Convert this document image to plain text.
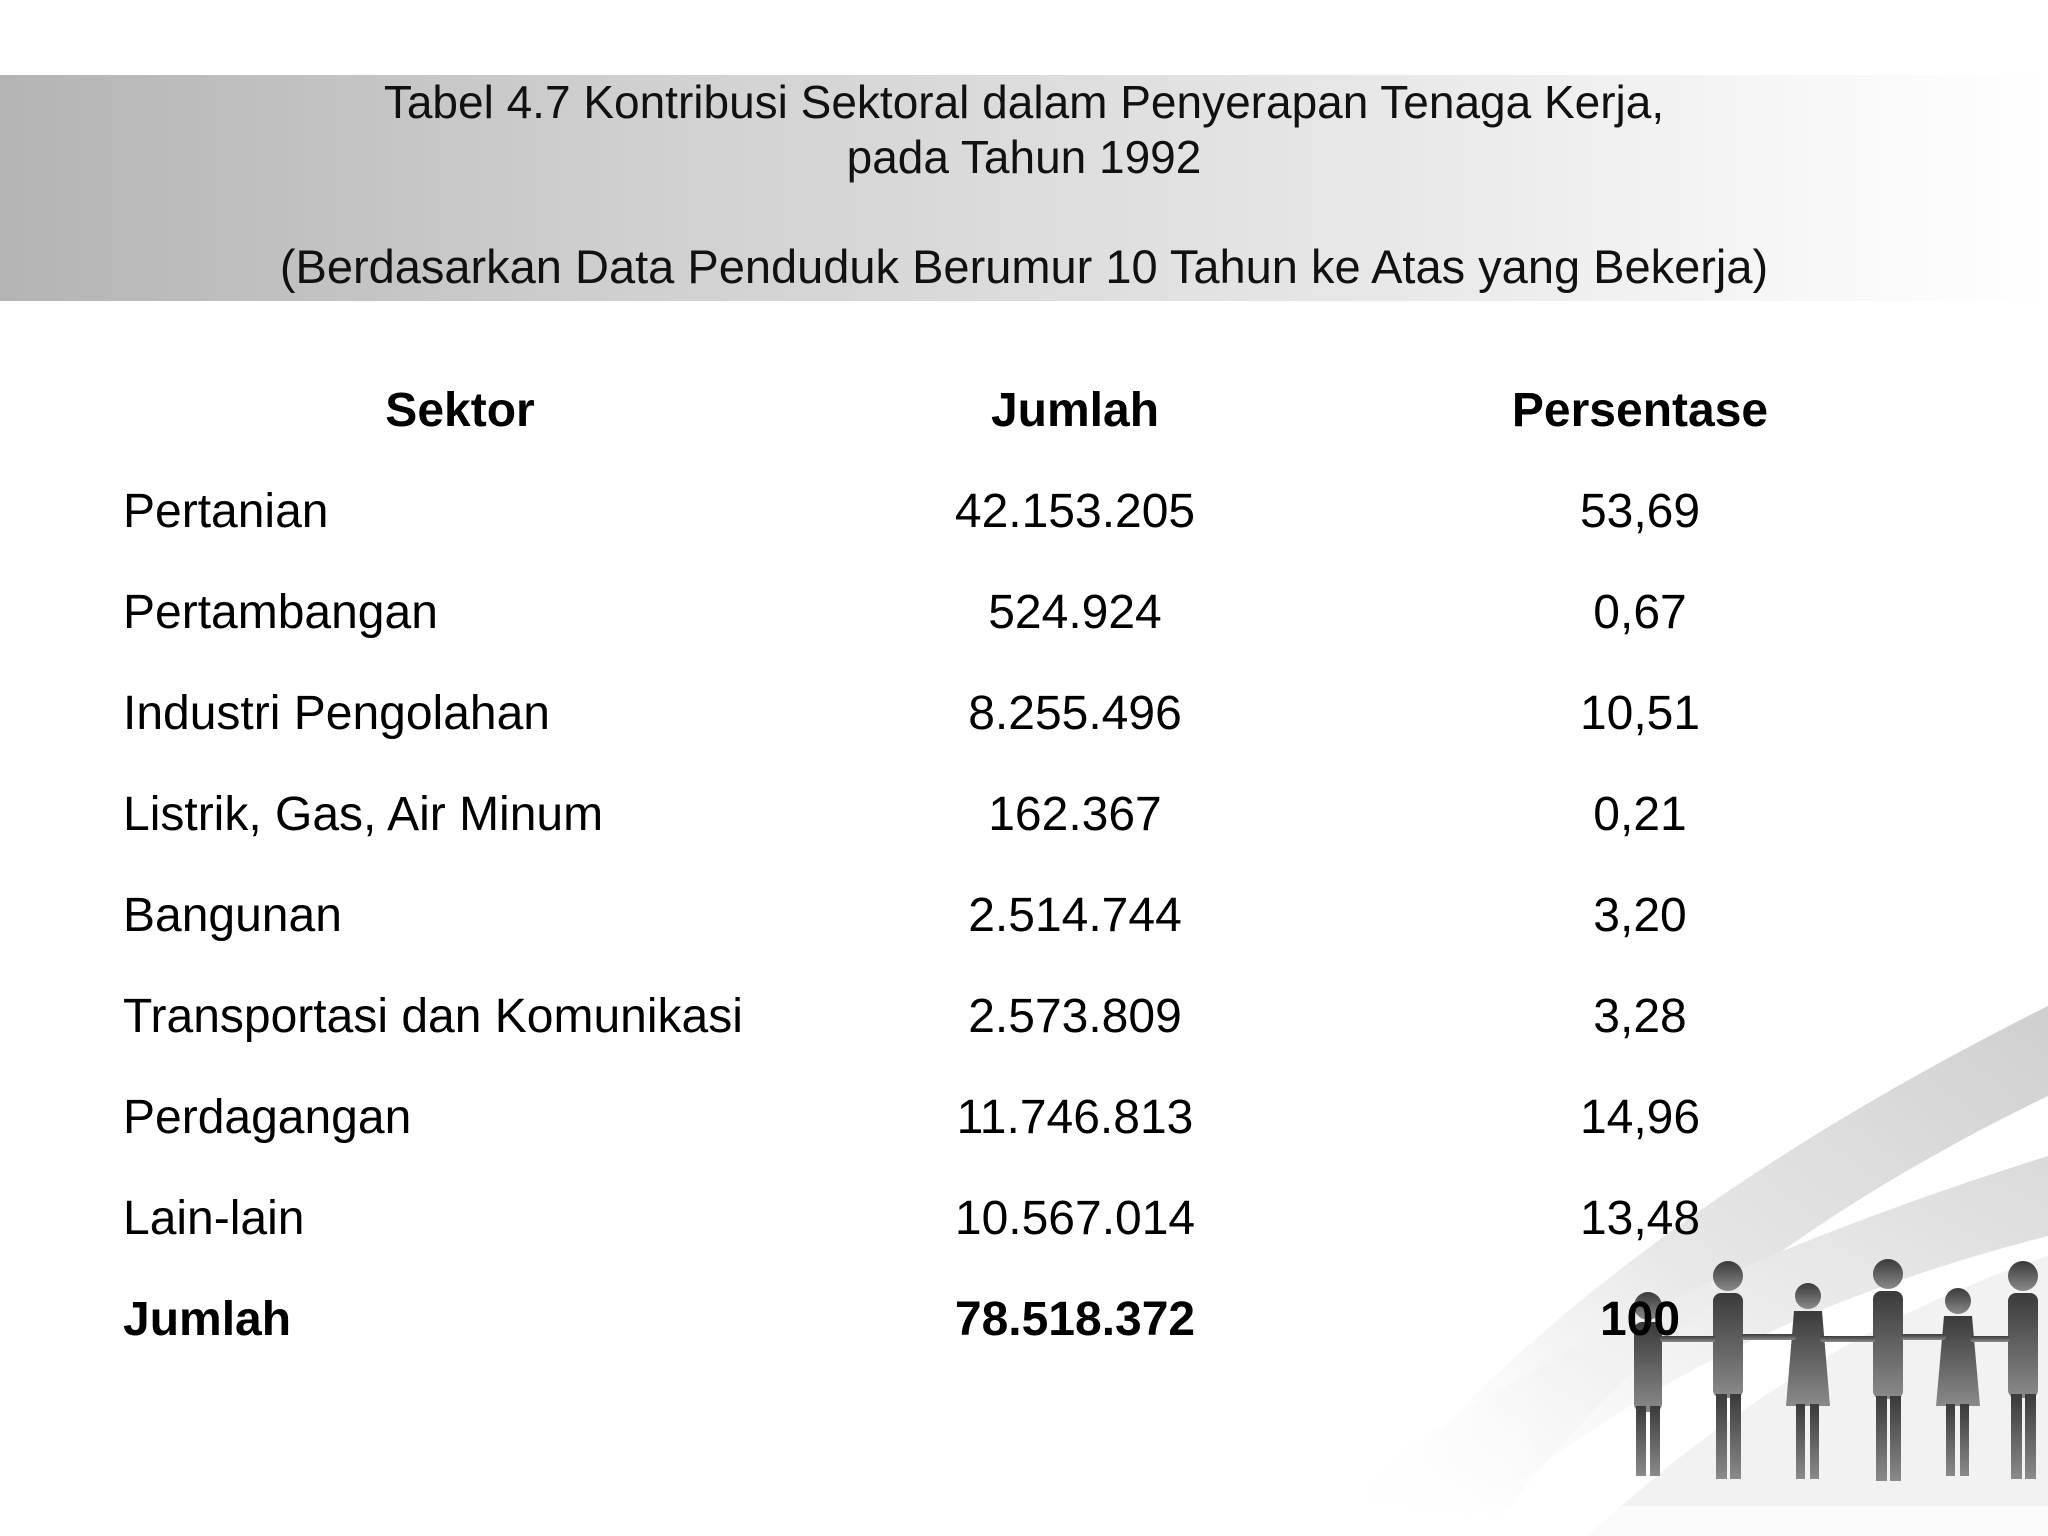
Tabel 4.7 Kontribusi Sektoral dalam Penyerapan Tenaga Kerja,
pada Tahun 1992
(Berdasarkan Data Penduduk Berumur 10 Tahun ke Atas yang Bekerja)
Sektor	Jumlah	Persentase
Pertanian	42.153.205	53,69
Pertambangan	524.924	0,67
Industri Pengolahan	8.255.496	10,51
Listrik, Gas, Air Minum	162.367	0,21
Bangunan	2.514.744	3,20
Transportasi dan Komunikasi	2.573.809	3,28
Perdagangan	11.746.813	14,96
Lain-lain	10.567.014	13,48
Jumlah	78.518.372	100
